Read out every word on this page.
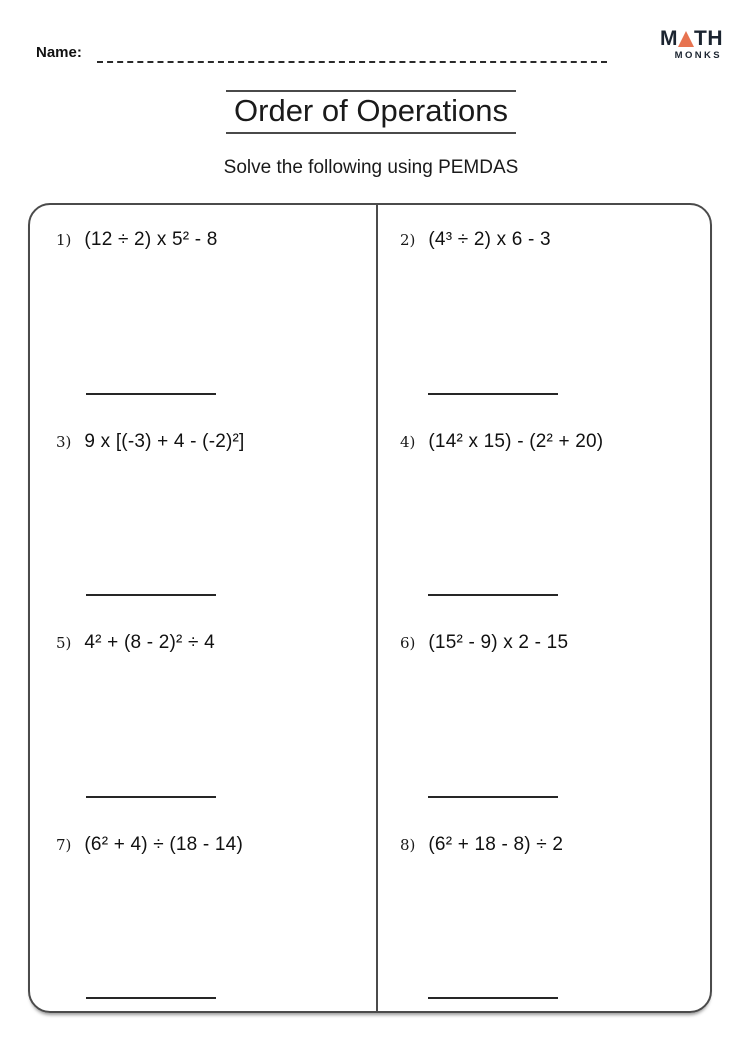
Name:
M TH
MONKS
Order of Operations
Solve the following using PEMDAS
1) (12 ÷ 2) x 5² - 8	2) (4³ ÷ 2) x 6 - 3
3) 9 x [(-3) + 4 - (-2)²]	4) (14² x 15) - (2² + 20)
5) 4² + (8 - 2)² ÷ 4	6) (15² - 9) x 2 - 15
7) (6² + 4) ÷ (18 - 14)	8) (6² + 18 - 8) ÷ 2
